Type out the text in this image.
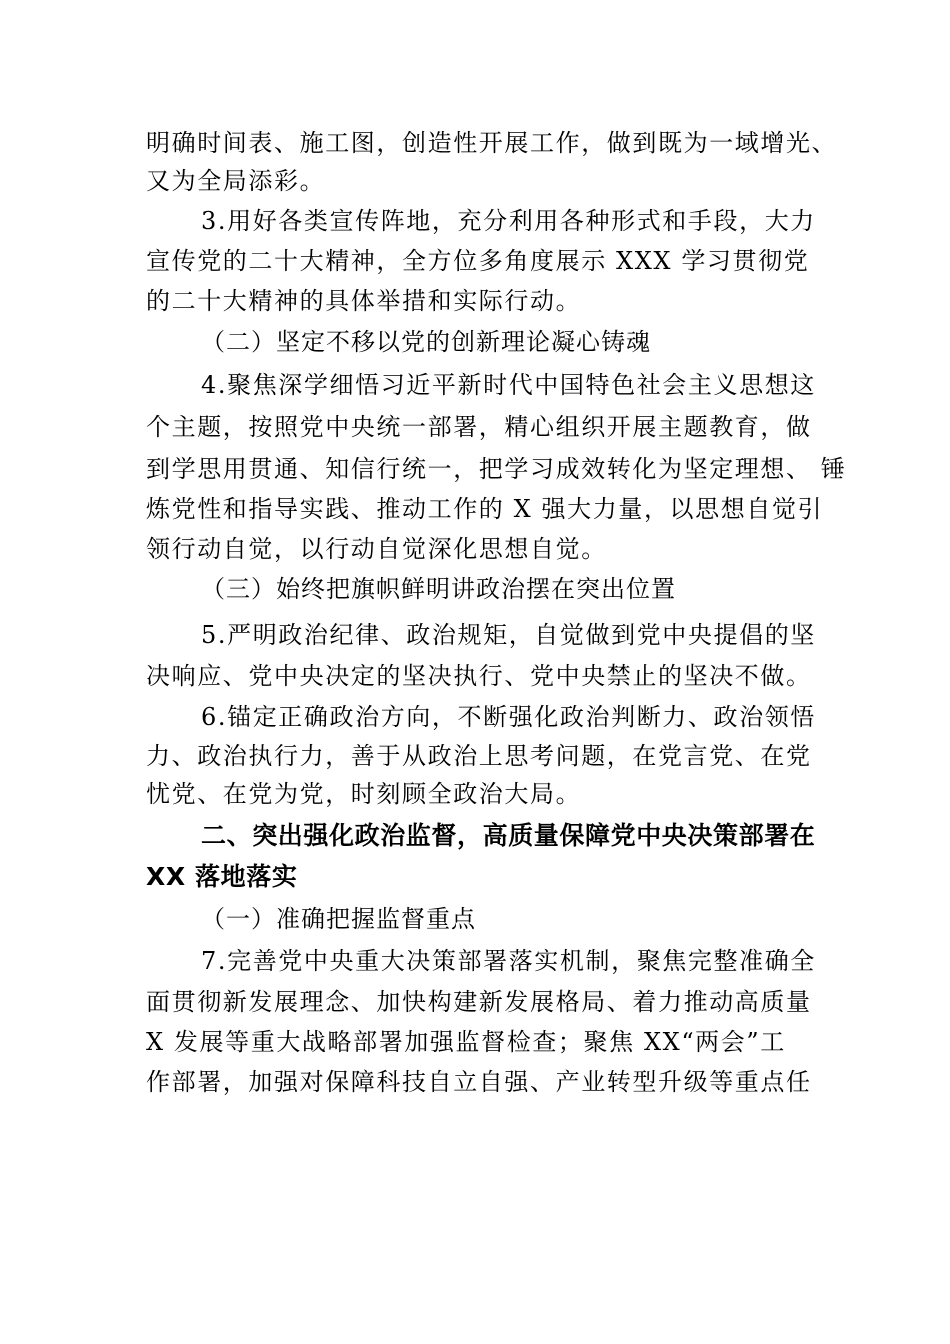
明确时间表、施工图，创造性开展工作，做到既为一域增光、
又为全局添彩。
3.用好各类宣传阵地，充分利用各种形式和手段，大力
宣传党的二十大精神，全方位多角度展示 XXX 学习贯彻党
的二十大精神的具体举措和实际行动。
（二）坚定不移以党的创新理论凝心铸魂
4.聚焦深学细悟习近平新时代中国特色社会主义思想这
个主题，按照党中央统一部署，精心组织开展主题教育，做
到学思用贯通、知信行统一，把学习成效转化为坚定理想、 锤
炼党性和指导实践、推动工作的 X 强大力量，以思想自觉引
领行动自觉，以行动自觉深化思想自觉。
（三）始终把旗帜鲜明讲政治摆在突出位置
5.严明政治纪律、政治规矩，自觉做到党中央提倡的坚
决响应、党中央决定的坚决执行、党中央禁止的坚决不做。
6.锚定正确政治方向，不断强化政治判断力、政治领悟
力、政治执行力，善于从政治上思考问题，在党言党、在党
忧党、在党为党，时刻顾全政治大局。
二、突出强化政治监督，高质量保障党中央决策部署在
XX 落地落实
（一）准确把握监督重点
7.完善党中央重大决策部署落实机制，聚焦完整准确全
面贯彻新发展理念、加快构建新发展格局、着力推动高质量
X 发展等重大战略部署加强监督检查；聚焦 XX“两会”工
作部署，加强对保障科技自立自强、产业转型升级等重点任
